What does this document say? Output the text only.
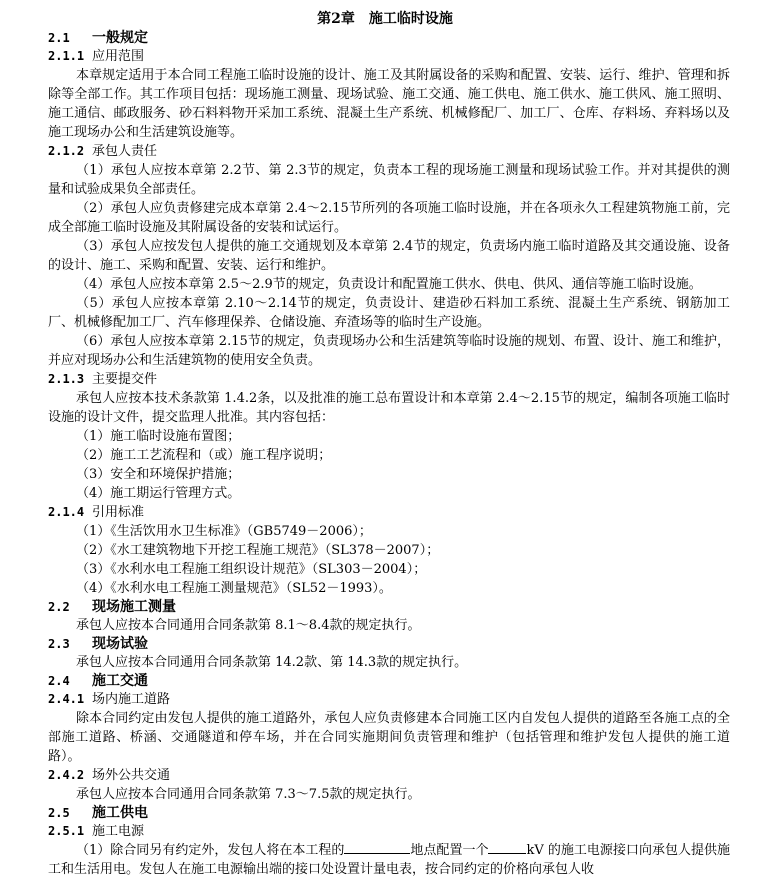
第2章　施工临时设施
2.1 一般规定
2.1.1 应用范围
本章规定适用于本合同工程施工临时设施的设计、施工及其附属设备的采购和配置、安装、运行、维护、管理和拆除等全部工作。其工作项目包括：现场施工测量、现场试验、施工交通、施工供电、施工供水、施工供风、施工照明、施工通信、邮政服务、砂石料料物开采加工系统、混凝土生产系统、机械修配厂、加工厂、仓库、存料场、弃料场以及施工现场办公和生活建筑设施等。
2.1.2 承包人责任
（1）承包人应按本章第 2.2节、第 2.3节的规定，负责本工程的现场施工测量和现场试验工作。并对其提供的测量和试验成果负全部责任。
（2）承包人应负责修建完成本章第 2.4～2.15节所列的各项施工临时设施，并在各项永久工程建筑物施工前，完成全部施工临时设施及其附属设备的安装和试运行。
（3）承包人应按发包人提供的施工交通规划及本章第 2.4节的规定，负责场内施工临时道路及其交通设施、设备的设计、施工、采购和配置、安装、运行和维护。
（4）承包人应按本章第 2.5～2.9节的规定，负责设计和配置施工供水、供电、供风、通信等施工临时设施。
（5）承包人应按本章第 2.10～2.14节的规定，负责设计、建造砂石料加工系统、混凝土生产系统、钢筋加工厂、机械修配加工厂、汽车修理保养、仓储设施、弃渣场等的临时生产设施。
（6）承包人应按本章第 2.15节的规定，负责现场办公和生活建筑等临时设施的规划、布置、设计、施工和维护，并应对现场办公和生活建筑物的使用安全负责。
2.1.3 主要提交件
承包人应按本技术条款第 1.4.2条，以及批准的施工总布置设计和本章第 2.4～2.15节的规定，编制各项施工临时设施的设计文件，提交监理人批准。其内容包括：
（1）施工临时设施布置图；
（2）施工工艺流程和（或）施工程序说明；
（3）安全和环境保护措施；
（4）施工期运行管理方式。
2.1.4 引用标准
（1）《生活饮用水卫生标准》（GB5749－2006）；
（2）《水工建筑物地下开挖工程施工规范》（SL378－2007）；
（3）《水利水电工程施工组织设计规范》（SL303－2004）；
（4）《水利水电工程施工测量规范》（SL52－1993）。
2.2 现场施工测量
承包人应按本合同通用合同条款第 8.1～8.4款的规定执行。
2.3 现场试验
承包人应按本合同通用合同条款第 14.2款、第 14.3款的规定执行。
2.4 施工交通
2.4.1 场内施工道路
除本合同约定由发包人提供的施工道路外，承包人应负责修建本合同施工区内自发包人提供的道路至各施工点的全部施工道路、桥涵、交通隧道和停车场，并在合同实施期间负责管理和维护（包括管理和维护发包人提供的施工道路）。
2.4.2 场外公共交通
承包人应按本合同通用合同条款第 7.3～7.5款的规定执行。
2.5 施工供电
2.5.1 施工电源
（1）除合同另有约定外，发包人将在本工程的	地点配置一个	kV 的施工电源接口向承包人提供施工和生活用电。发包人在施工电源输出端的接口处设置计量电表，按合同约定的价格向承包人收
